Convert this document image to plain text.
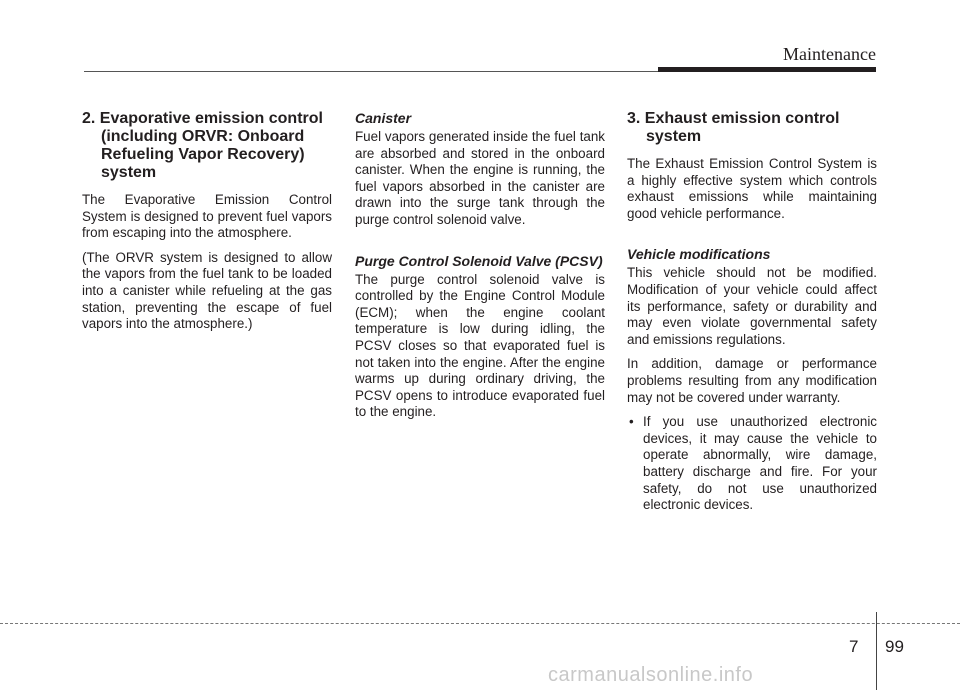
Maintenance
2. Evaporative emission control (including ORVR: Onboard Refueling Vapor Recovery) system

The Evaporative Emission Control System is designed to prevent fuel vapors from escaping into the atmosphere.

(The ORVR system is designed to allow the vapors from the fuel tank to be loaded into a canister while refueling at the gas station, preventing the escape of fuel vapors into the atmosphere.)

Canister

Fuel vapors generated inside the fuel tank are absorbed and stored in the onboard canister. When the engine is running, the fuel vapors absorbed in the canister are drawn into the surge tank through the purge control solenoid valve.

Purge Control Solenoid Valve (PCSV)

The purge control solenoid valve is controlled by the Engine Control Module (ECM); when the engine coolant temperature is low during idling, the PCSV closes so that evaporated fuel is not taken into the engine. After the engine warms up during ordinary driving, the PCSV opens to introduce evaporated fuel to the engine.

3. Exhaust emission control system

The Exhaust Emission Control System is a highly effective system which controls exhaust emissions while maintaining good vehicle performance.

Vehicle modifications

This vehicle should not be modified. Modification of your vehicle could affect its performance, safety or durability and may even violate governmental safety and emissions regulations.

In addition, damage or performance problems resulting from any modification may not be covered under warranty.

• If you use unauthorized electronic devices, it may cause the vehicle to operate abnormally, wire damage, battery discharge and fire. For your safety, do not use unauthorized electronic devices.
7 99
carmanualsonline.info
